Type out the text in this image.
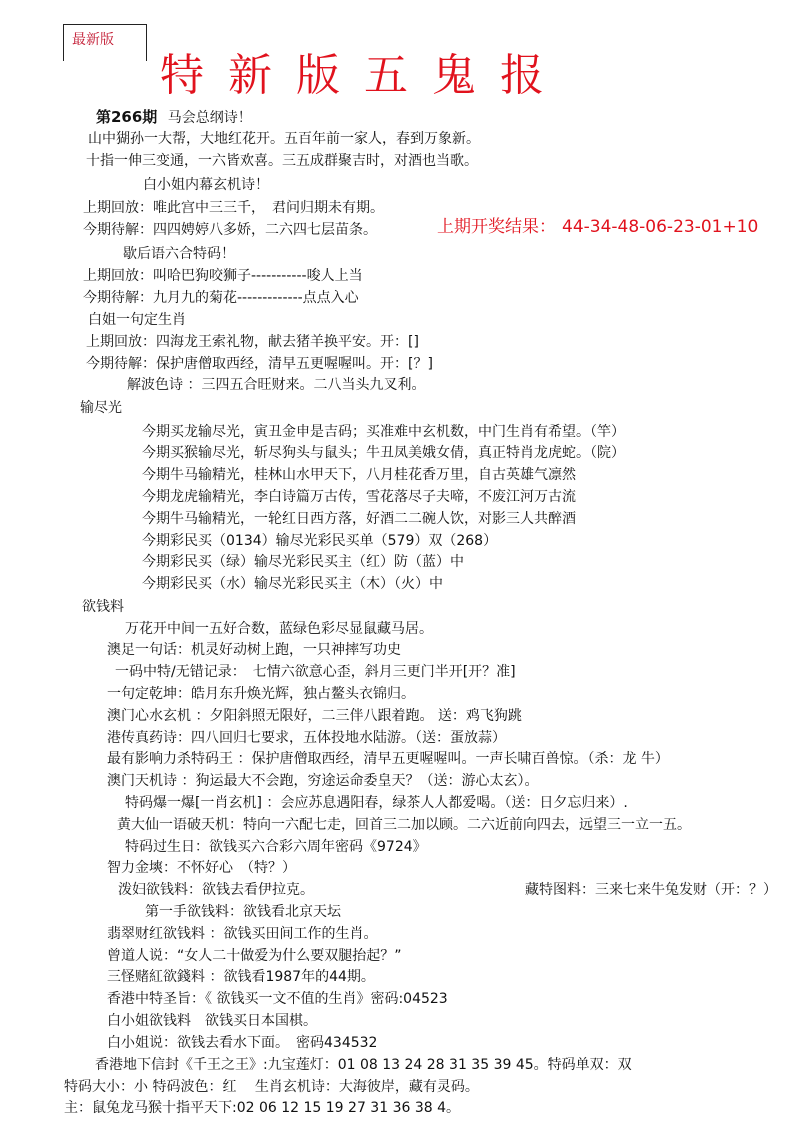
最新版
特新版五鬼报
第266期 马会总纲诗！
上期开奖结果： 44-34-48-06-23-01+10
山中猢孙一大帮，大地红花开。五百年前一家人，春到万象新。
十指一伸三变通，一六皆欢喜。三五成群聚吉时，对酒也当歌。
白小姐内幕玄机诗！
上期回放：唯此宫中三三千，　君问归期未有期。
今期待解：四四娉婷八多娇，二六四七层苗条。
歇后语六合特码！
上期回放：叫哈巴狗咬狮子-----------唆人上当
今期待解：九月九的菊花-------------点点入心
白姐一句定生肖
上期回放：四海龙王索礼物，献去猪羊换平安。开：[]
今期待解：保护唐僧取西经，清早五更喔喔叫。开：[？]
解波色诗 ：三四五合旺财来。二八当头九叉利。
输尽光
今期买龙输尽光，寅丑金申是吉码；买准难中玄机数，中门生肖有希望。（竿）
今期买猴输尽光，斩尽狗头与鼠头；牛丑凤美娥女倩，真正特肖龙虎蛇。（院）
今期牛马输精光，桂林山水甲天下，八月桂花香万里，自古英雄气凛然
今期龙虎输精光，李白诗篇万古传，雪花落尽子夫啼，不废江河万古流
今期牛马输精光，一轮红日西方落，好酒二二碗人饮，对影三人共醉酒
今期彩民买（0134）输尽光彩民买单（579）双（268）
今期彩民买（绿）输尽光彩民买主（红）防（蓝）中
今期彩民买（水）输尽光彩民买主（木）（火）中
欲钱料
万花开中间一五好合数，蓝绿色彩尽显鼠藏马居。
澳足一句话：机灵好动树上跑，一只神摔写功史
一码中特/无错记录：　七情六欲意心歪，斜月三更门半开[开？准]
一句定乾坤：皓月东升焕光辉，独占鳌头衣锦归。
澳门心水玄机 ：夕阳斜照无限好，二三伴八跟着跑。 送：鸡飞狗跳
港传真药诗：四八回归七要求，五体投地水陆游。（送：蛋放蒜）
最有影响力杀特码王 ：保护唐僧取西经，清早五更喔喔叫。一声长啸百兽惊。（杀：龙 牛）
澳门天机诗 ：狗运最大不会跑，穷途运命委皇天？（送：游心太玄）。
特码爆一爆[一肖玄机] ：会应苏息遇阳春，绿茶人人都爱喝。（送：日夕忘归来）.
黄大仙一语破天机：特向一六配七走，回首三二加以顾。二六近前向四去，远望三一立一五。
特码过生日：欲钱买六合彩六周年密码《9724》
智力金塽：不怀好心　（特？）
泼妇欲钱料：欲钱去看伊拉克。	藏特图料：三来七来牛兔发财（开：？）
第一手欲钱料：欲钱看北京天坛
翡翠财红欲钱料 ：欲钱买田间工作的生肖。
曾道人说：“女人二十做爱为什么要双腿抬起？”
三怪赌紅欲錢料 ：欲钱看1987年的44期。
香港中特圣旨：《 欲钱买一文不值的生肖》密码:04523
白小姐欲钱料　欲钱买日本国棋。
白小姐说：欲钱去看水下面。　密码434532
香港地下信封《千王之王》:九宝莲灯：01 08 13 24 28 31 35 39 45。特码单双：双
特码大小：小 特码波色：红　 生肖玄机诗：大海彼岸，藏有灵码。
主：鼠兔龙马猴十指平天下:02 06 12 15 19 27 31 36 38 4。
